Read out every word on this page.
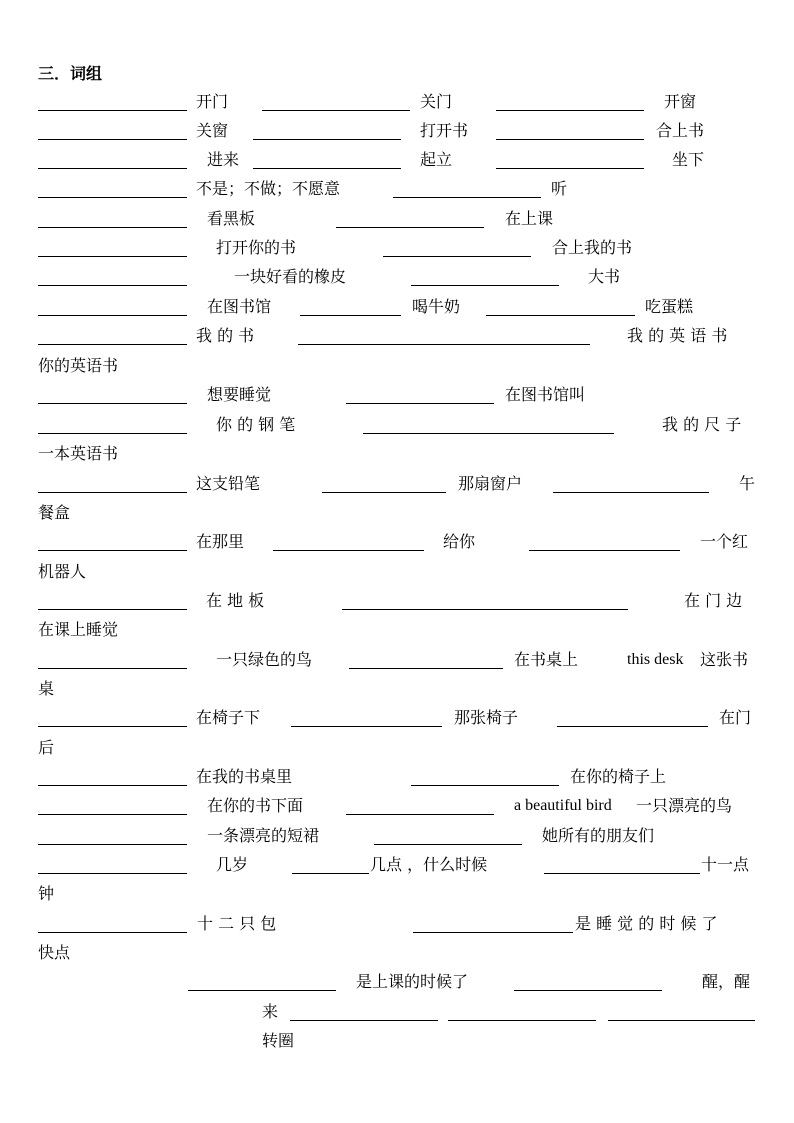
三．词组
开门	关门	开窗
关窗	打开书	合上书
进来	起立	坐下
不是；不做；不愿意	听
看黑板	在上课
打开你的书	合上我的书
一块好看的橡皮	大书
在图书馆	喝牛奶	吃蛋糕
我 的 书	我 的 英 语 书
你的英语书
想要睡觉	在图书馆叫
你 的 钢 笔	我 的 尺 子
一本英语书
这支铅笔	那扇窗户	午
餐盒
在那里	给你	一个红
机器人
在 地 板	在 门 边
在课上睡觉
一只绿色的鸟	在书桌上	this desk 这张书
桌
在椅子下	那张椅子	在门
后
在我的书桌里	在你的椅子上
在你的书下面	a beautiful bird 一只漂亮的鸟
一条漂亮的短裙	她所有的朋友们
几岁	几点 ，什么时候	十一点
钟
十 二 只 包	是 睡 觉 的 时 候 了
快点
是上课的时候了	醒，醒
来
转圈
